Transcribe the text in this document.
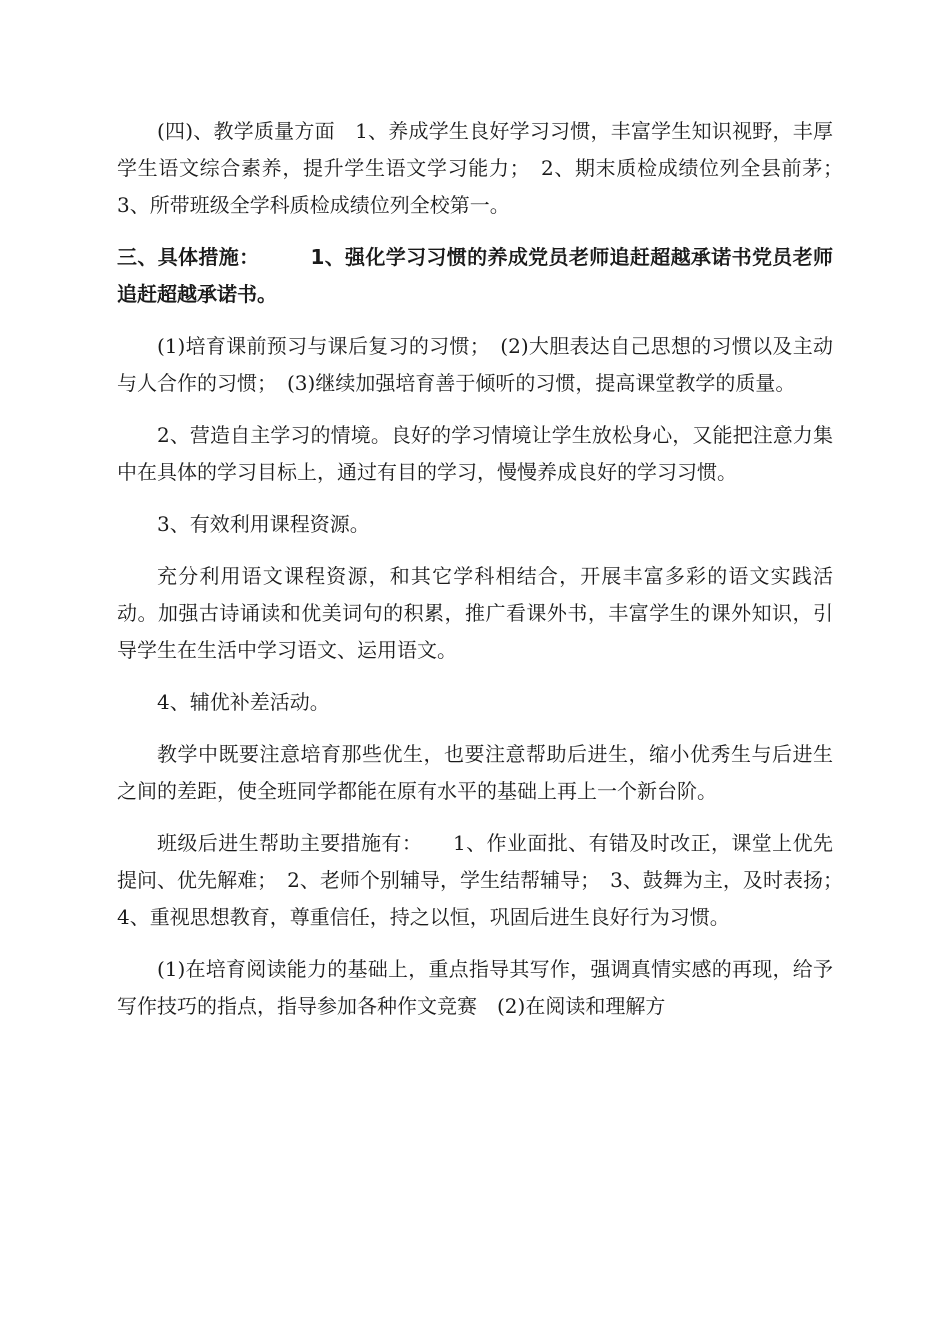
(四)、教学质量方面　1、养成学生良好学习习惯，丰富学生知识视野，丰厚学生语文综合素养，提升学生语文学习能力；　2、期末质检成绩位列全县前茅；　3、所带班级全学科质检成绩位列全校第一。

三、具体措施：　　　1、强化学习习惯的养成党员老师追赶超越承诺书党员老师追赶超越承诺书。

(1)培育课前预习与课后复习的习惯；　(2)大胆表达自己思想的习惯以及主动与人合作的习惯；　(3)继续加强培育善于倾听的习惯，提高课堂教学的质量。

2、营造自主学习的情境。良好的学习情境让学生放松身心，又能把注意力集中在具体的学习目标上，通过有目的学习，慢慢养成良好的学习习惯。

3、有效利用课程资源。

充分利用语文课程资源，和其它学科相结合，开展丰富多彩的语文实践活动。加强古诗诵读和优美词句的积累，推广看课外书，丰富学生的课外知识，引导学生在生活中学习语文、运用语文。

4、辅优补差活动。

教学中既要注意培育那些优生，也要注意帮助后进生，缩小优秀生与后进生之间的差距，使全班同学都能在原有水平的基础上再上一个新台阶。

班级后进生帮助主要措施有：　　1、作业面批、有错及时改正，课堂上优先提问、优先解难；　2、老师个别辅导，学生结帮辅导；　3、鼓舞为主，及时表扬；　4、重视思想教育，尊重信任，持之以恒，巩固后进生良好行为习惯。

(1)在培育阅读能力的基础上，重点指导其写作，强调真情实感的再现，给予写作技巧的指点，指导参加各种作文竞赛　(2)在阅读和理解方
